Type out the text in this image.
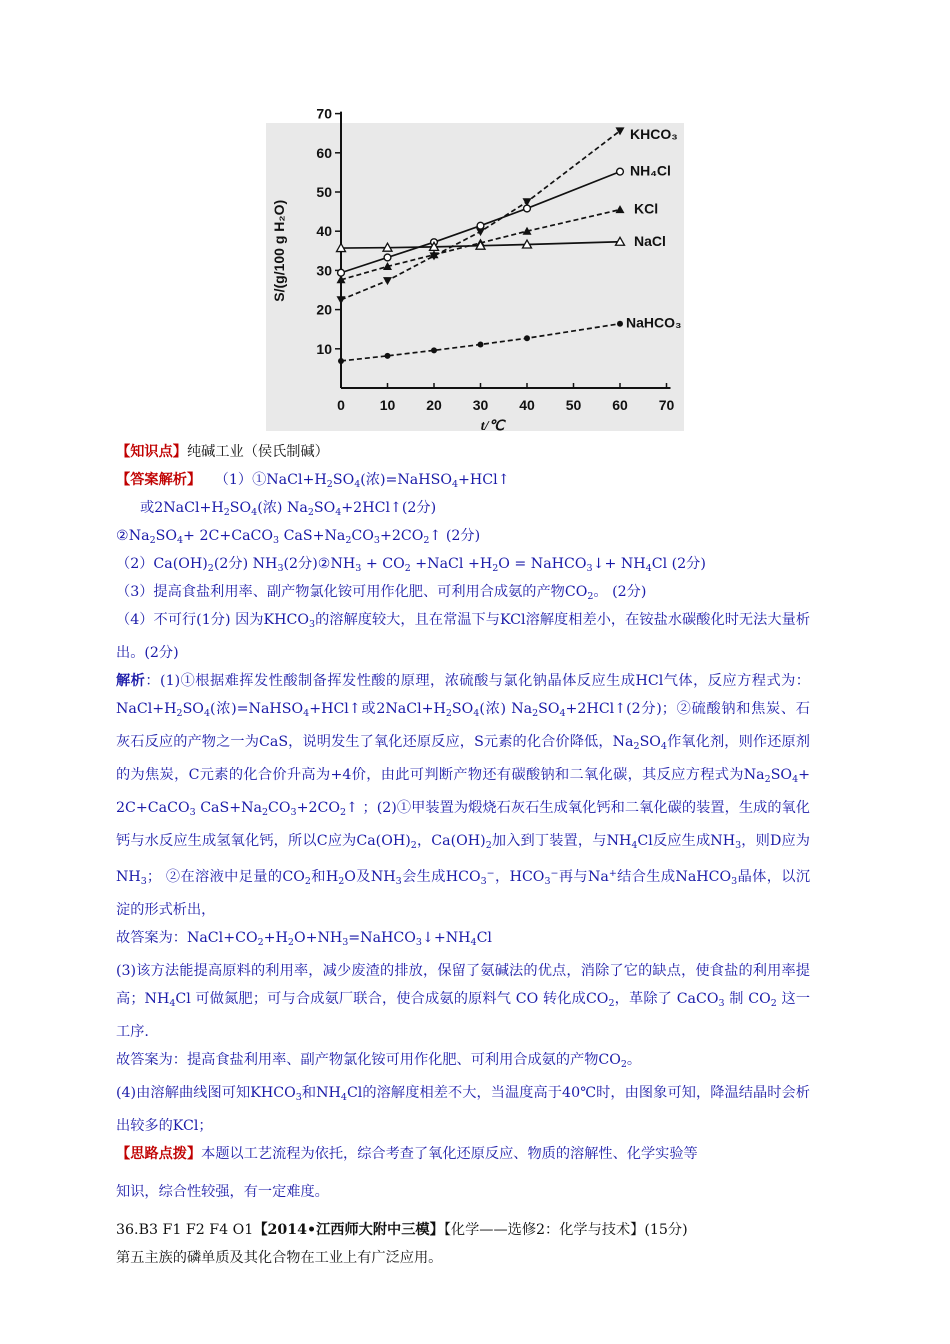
0 10 20 30 40 50 60 70
10
20
30
40
50
60
70
t/℃
S/(g/100 g H₂O)
KHCO₃
NH₄Cl
KCl
NaCl
NaHCO₃
【知识点】纯碱工业（侯氏制碱）
【答案解析】 $(1)①NaCl+H_2SO_4$(浓)=NaHSO$_4$+HCl↑
或$2NaCl+H_2SO_4$(浓) $Na_2SO_4+2HCl↑(2$分)
$②Na_2SO_4+$ 2C+CaCO$_3$ $CaS+Na_2CO_3+2CO_2↑$ (2分)
$(2)Ca(OH)_2(2$分) $NH_3(2$分)$②NH_3 + CO_2$ +NaCl $+H_2O$ = NaHCO$_3$↓+ $NH_4Cl$ (2分)
（3）提高食盐利用率、副产物氯化铵可用作化肥、可利用合成氨的产物$CO_2$。 (2分)
（4）不可行(1分) 因为$KHCO_3$的溶解度较大，且在常温下与KCl溶解度相差小，在铵盐水碳酸化时无法大量析出。(2分)
解析：(1)①根据难挥发性酸制备挥发性酸的原理，浓硫酸与氯化钠晶体反应生成HCl气体，反应方程式为： $NaCl+H_2SO_4$(浓)=NaHSO$_4$+HCl↑或$2NaCl+H_2SO_4$(浓) $Na_2SO_4+2HCl↑(2$分)；②硫酸钠和焦炭、石灰石反应的产物之一为CaS，说明发生了氧化还原反应，S元素的化合价降低，$Na_2SO_4$作氧化剂，则作还原剂的为焦炭，C元素的化合价升高为+4价，由此可判断产物还有碳酸钠和二氧化碳，其反应方程式为$Na_2SO_4+$ 2C+CaCO$_3$ $CaS+Na_2CO_3+2CO_2↑$ ；(2)①甲装置为煅烧石灰石生成氧化钙和二氧化碳的装置，生成的氧化钙与水反应生成氢氧化钙，所以C应为$Ca(OH)_2$，$Ca(OH)_2$加入到丁装置，与$NH_4Cl$反应生成$NH_3$，则D应为$NH_3$； ②在溶液中足量的$CO_2$和$H_2O$及$NH_3$会生成$HCO_3^-$，$HCO_3^-$再与Na+结合生成NaHCO$_3$晶体，以沉淀的形式析出，
故答案为：$NaCl+CO_2+H_2O+NH_3=NaHCO_3↓+NH_4Cl$
(3)该方法能提高原料的利用率，减少废渣的排放，保留了氨碱法的优点，消除了它的缺点，使食盐的利用率提高；$NH_4Cl$ 可做氮肥；可与合成氨厂联合，使合成氨的原料气 CO 转化成$CO_2$，革除了 CaCO$_3$ 制 $CO_2$ 这一工序.
故答案为：提高食盐利用率、副产物氯化铵可用作化肥、可利用合成氨的产物$CO_2$。
(4)由溶解曲线图可知$KHCO_3$和$NH_4Cl$的溶解度相差不大，当温度高于40℃时，由图象可知，降温结晶时会析出较多的KCl；
【思路点拨】本题以工艺流程为依托，综合考查了氧化还原反应、物质的溶解性、化学实验等
知识，综合性较强，有一定难度。
36.B3 F1 F2 F4 O1【2014•江西师大附中三模】【化学——选修2：化学与技术】(15分)
第五主族的磷单质及其化合物在工业上有广泛应用。
